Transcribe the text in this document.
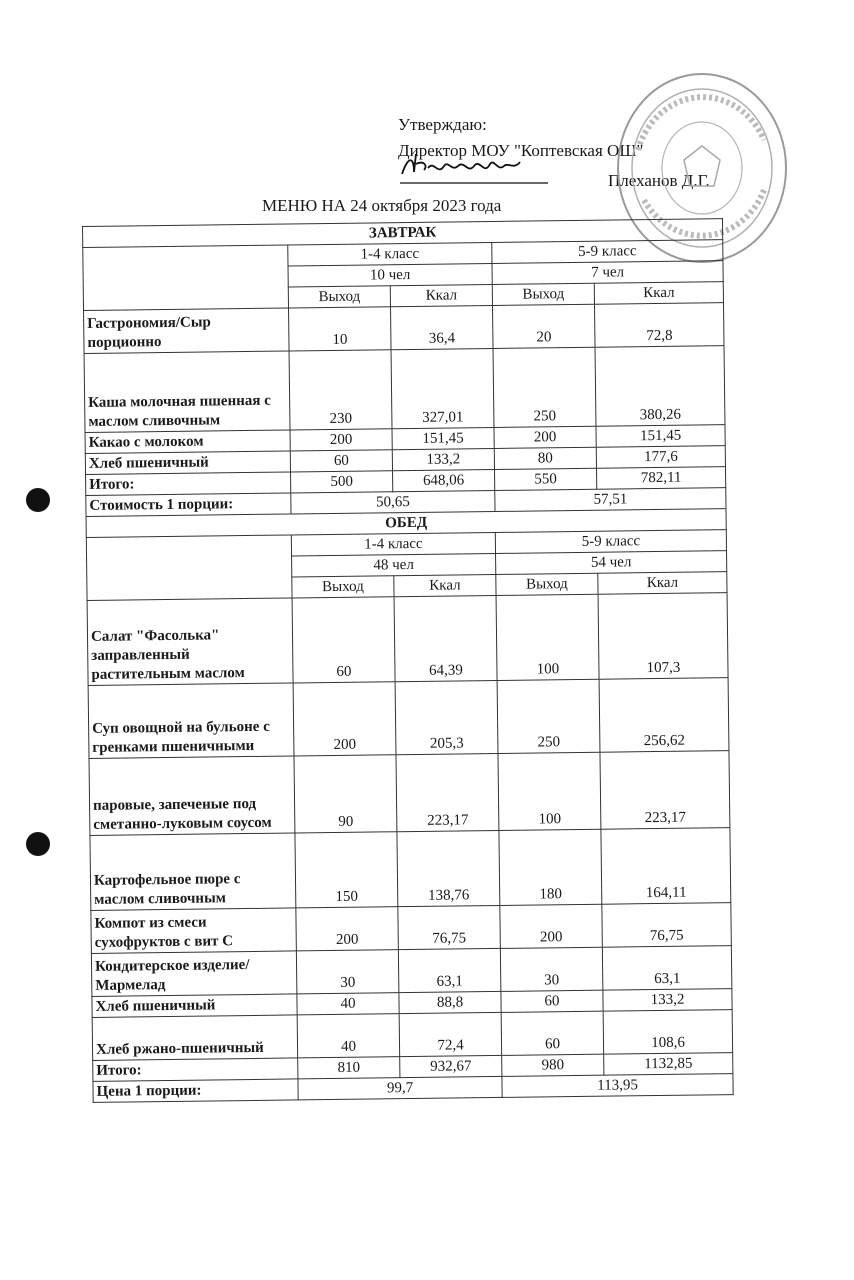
Утверждаю:
Директор МОУ "Коптевская ОШ"
Плеханов Д.Г.
МЕНЮ НА 24 октября 2023 года
ЗАВТРАК				
	1-4 класс		5-9 класс	
	10 чел		7 чел	
	Выход	Ккал	Выход	Ккал
Гастрономия/Сыр порционно	10	36,4	20	72,8
Каша молочная пшенная с маслом сливочным	230	327,01	250	380,26
Какао с молоком	200	151,45	200	151,45
Хлеб пшеничный	60	133,2	80	177,6
Итого:	500	648,06	550	782,11
Стоимость 1 порции:	50,65		57,51	
ОБЕД				
	1-4 класс		5-9 класс	
	48 чел		54 чел	
	Выход	Ккал	Выход	Ккал
Салат "Фасолька" заправленный растительным маслом	60	64,39	100	107,3
Суп овощной на бульоне с гренками пшеничными	200	205,3	250	256,62
паровые, запеченые под сметанно-луковым соусом	90	223,17	100	223,17
Картофельное пюре с маслом сливочным	150	138,76	180	164,11
Компот из смеси сухофруктов с вит С	200	76,75	200	76,75
Кондитерское изделие/Мармелад	30	63,1	30	63,1
Хлеб пшеничный	40	88,8	60	133,2
Хлеб ржано-пшеничный	40	72,4	60	108,6
Итого:	810	932,67	980	1132,85
Цена 1 порции:	99,7		113,95	
